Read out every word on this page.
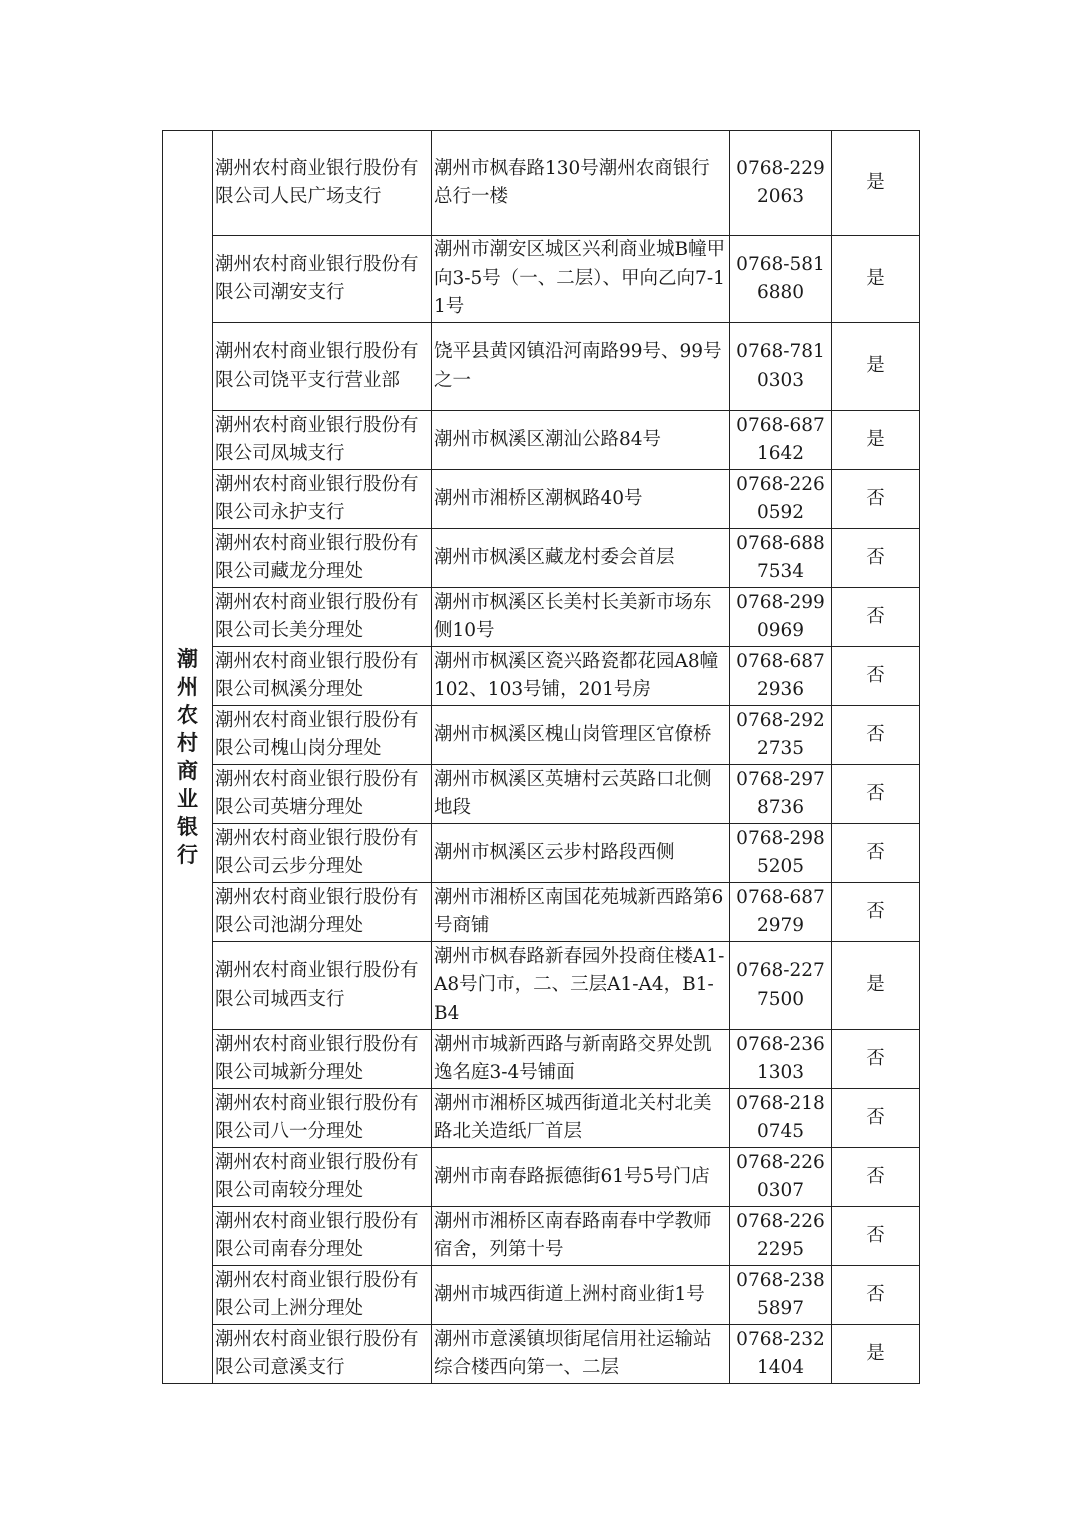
潮州农村商业银行	潮州农村商业银行股份有限公司人民广场支行	潮州市枫春路130号潮州农商银行总行一楼	0768-2292063	是
	潮州农村商业银行股份有限公司潮安支行	潮州市潮安区城区兴利商业城B幢甲向3-5号（一、二层）、甲向乙向7-11号	0768-5816880	是
	潮州农村商业银行股份有限公司饶平支行营业部	饶平县黄冈镇沿河南路99号、99号之一	0768-7810303	是
	潮州农村商业银行股份有限公司凤城支行	潮州市枫溪区潮汕公路84号	0768-6871642	是
	潮州农村商业银行股份有限公司永护支行	潮州市湘桥区潮枫路40号	0768-2260592	否
	潮州农村商业银行股份有限公司藏龙分理处	潮州市枫溪区藏龙村委会首层	0768-6887534	否
	潮州农村商业银行股份有限公司长美分理处	潮州市枫溪区长美村长美新市场东侧10号	0768-2990969	否
	潮州农村商业银行股份有限公司枫溪分理处	潮州市枫溪区瓷兴路瓷都花园A8幢102、103号铺，201号房	0768-6872936	否
	潮州农村商业银行股份有限公司槐山岗分理处	潮州市枫溪区槐山岗管理区官僚桥	0768-2922735	否
	潮州农村商业银行股份有限公司英塘分理处	潮州市枫溪区英塘村云英路口北侧地段	0768-2978736	否
	潮州农村商业银行股份有限公司云步分理处	潮州市枫溪区云步村路段西侧	0768-2985205	否
	潮州农村商业银行股份有限公司池湖分理处	潮州市湘桥区南国花苑城新西路第6号商铺	0768-6872979	否
	潮州农村商业银行股份有限公司城西支行	潮州市枫春路新春园外投商住楼A1-A8号门市，二、三层A1-A4，B1-B4	0768-2277500	是
	潮州农村商业银行股份有限公司城新分理处	潮州市城新西路与新南路交界处凯逸名庭3-4号铺面	0768-2361303	否
	潮州农村商业银行股份有限公司八一分理处	潮州市湘桥区城西街道北关村北美路北关造纸厂首层	0768-2180745	否
	潮州农村商业银行股份有限公司南较分理处	潮州市南春路振德街61号5号门店	0768-2260307	否
	潮州农村商业银行股份有限公司南春分理处	潮州市湘桥区南春路南春中学教师宿舍，列第十号	0768-2262295	否
	潮州农村商业银行股份有限公司上洲分理处	潮州市城西街道上洲村商业街1号	0768-2385897	否
	潮州农村商业银行股份有限公司意溪支行	潮州市意溪镇坝街尾信用社运输站综合楼西向第一、二层	0768-2321404	是
